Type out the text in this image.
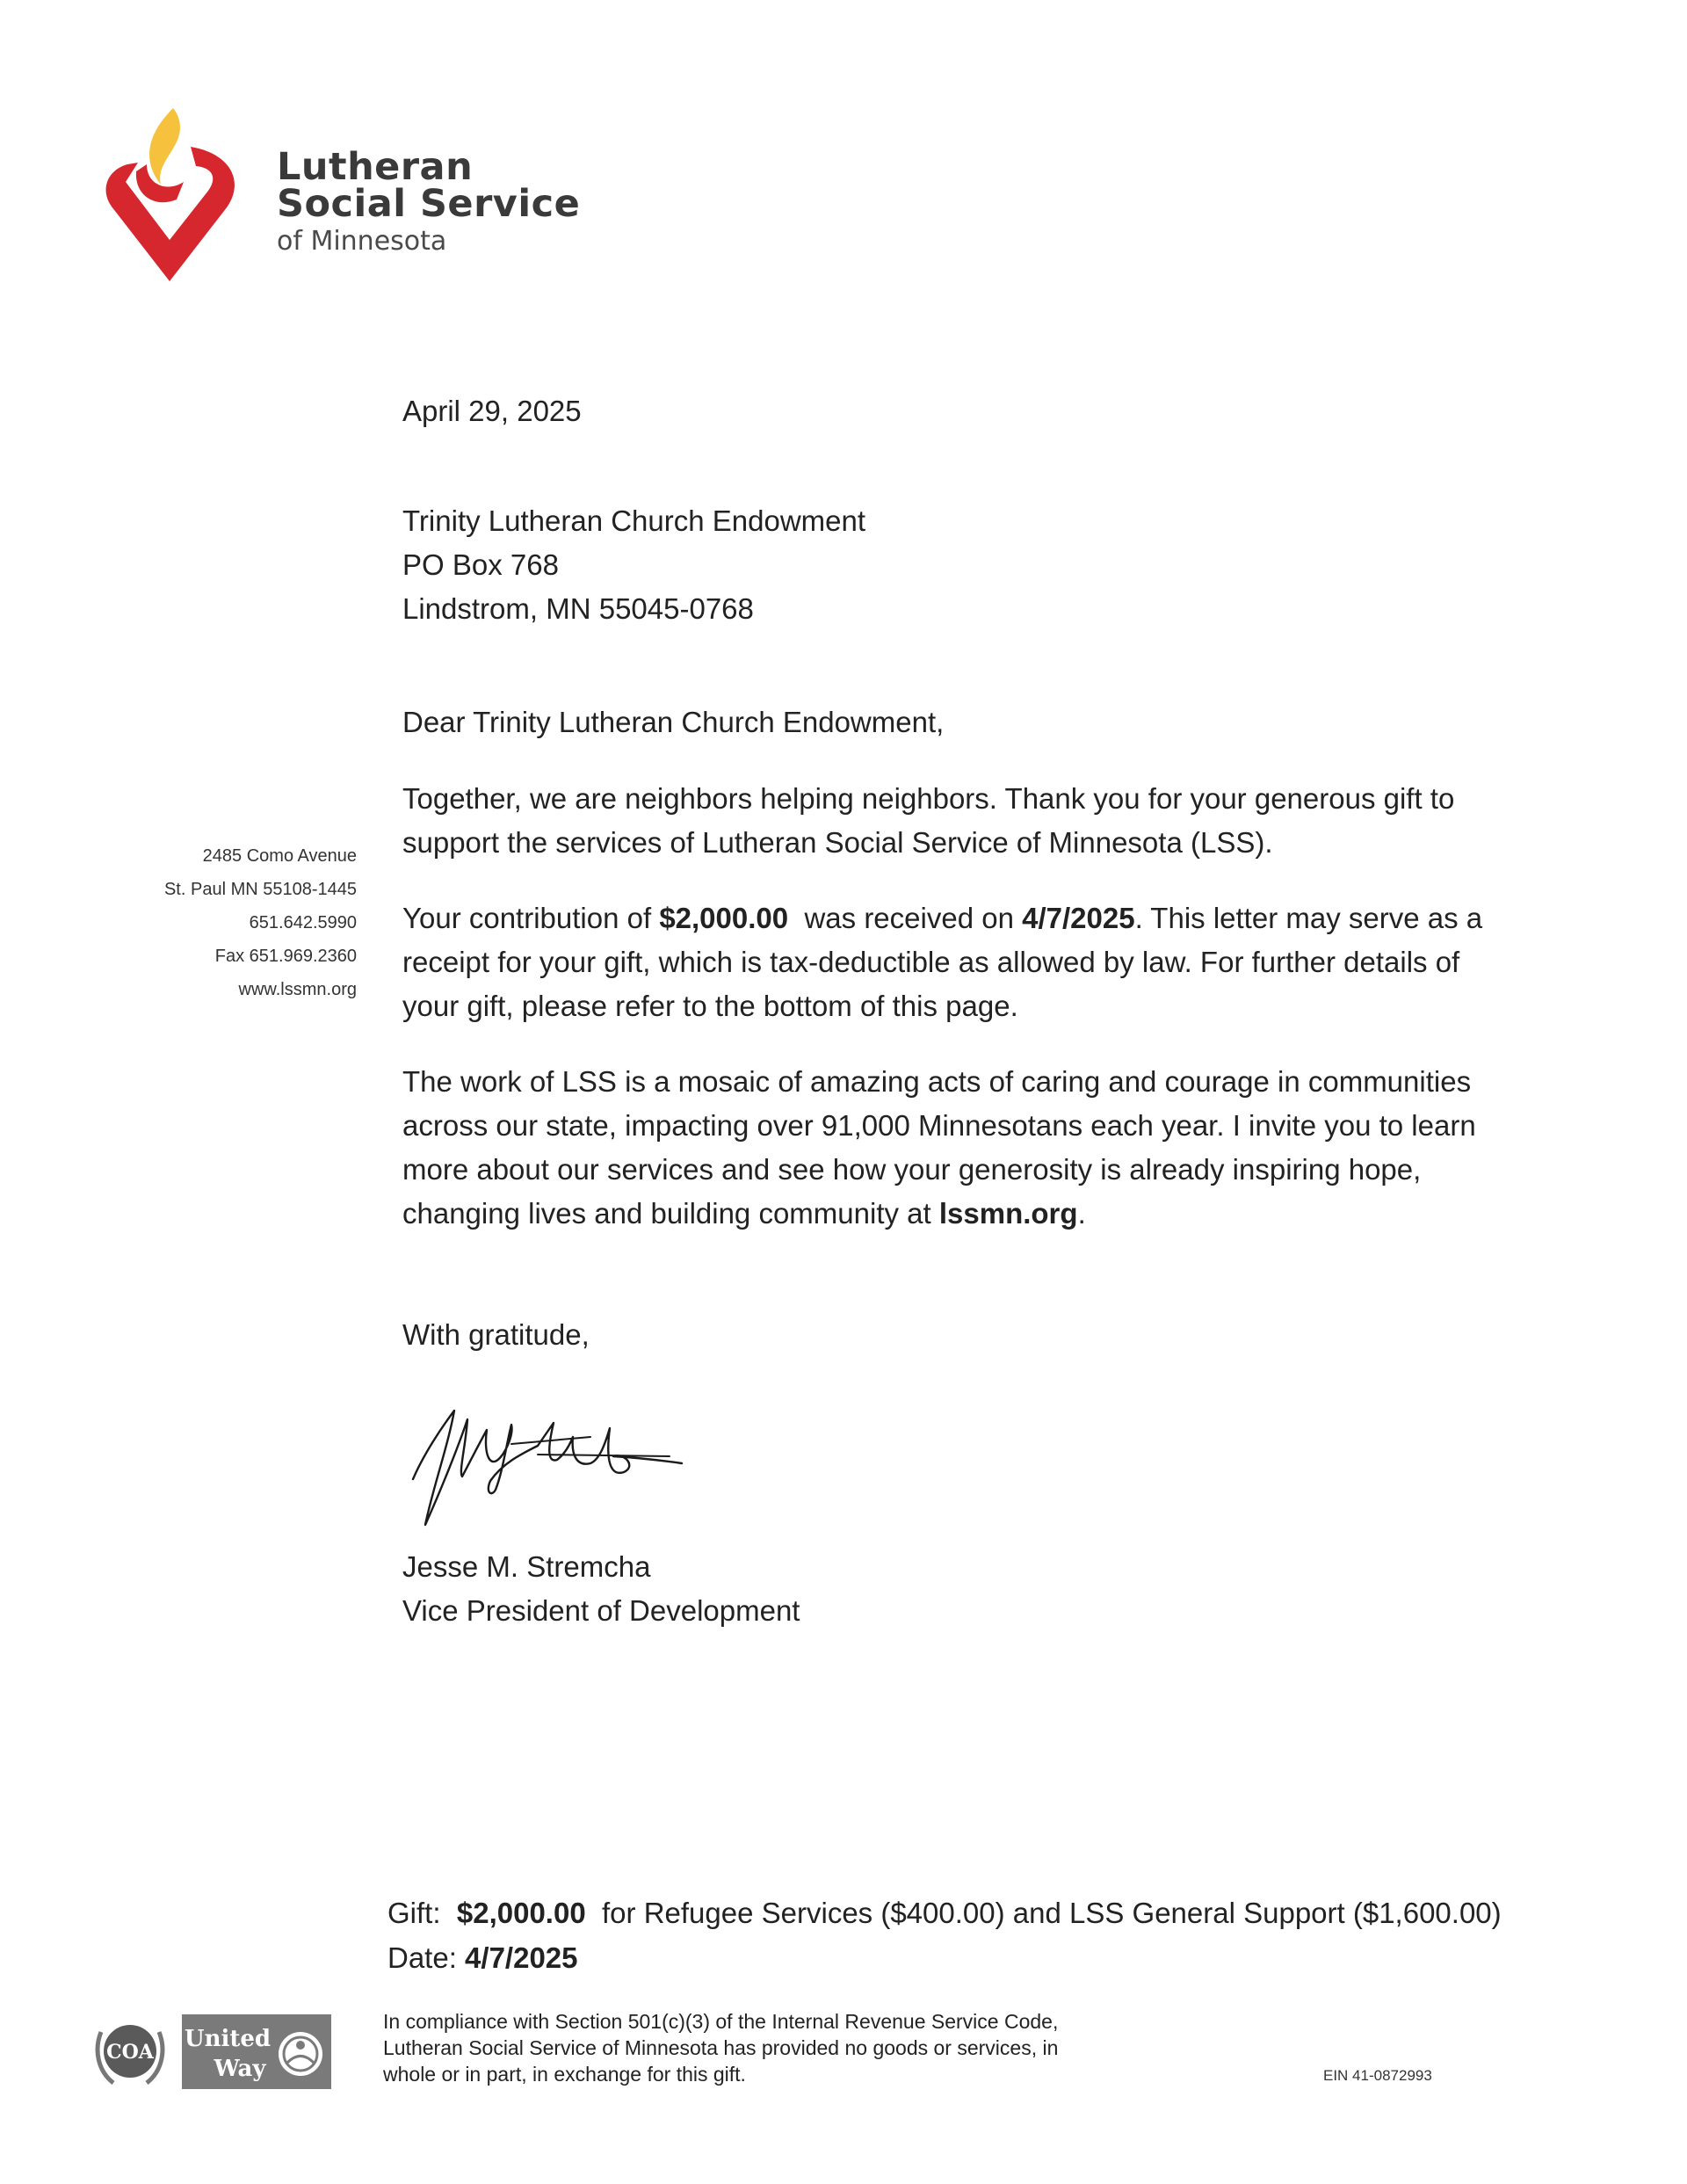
Lutheran
Social Service
of Minnesota
2485 Como Avenue
St. Paul MN 55108-1445
651.642.5990
Fax 651.969.2360
www.lssmn.org
April 29, 2025
Trinity Lutheran Church Endowment
PO Box 768
Lindstrom, MN 55045-0768
Dear Trinity Lutheran Church Endowment,
Together, we are neighbors helping neighbors. Thank you for your generous gift to
support the services of Lutheran Social Service of Minnesota (LSS).
Your contribution of $2,000.00  was received on 4/7/2025. This letter may serve as a
receipt for your gift, which is tax-deductible as allowed by law. For further details of
your gift, please refer to the bottom of this page.
The work of LSS is a mosaic of amazing acts of caring and courage in communities
across our state, impacting over 91,000 Minnesotans each year. I invite you to learn
more about our services and see how your generosity is already inspiring hope,
changing lives and building community at lssmn.org.
With gratitude,
Jesse M. Stremcha
Vice President of Development
Gift: $2,000.00 for Refugee Services ($400.00) and LSS General Support ($1,600.00)
Date: 4/7/2025
COA United
Way
In compliance with Section 501(c)(3) of the Internal Revenue Service Code,
Lutheran Social Service of Minnesota has provided no goods or services, in
whole or in part, in exchange for this gift.	EIN 41-0872993
